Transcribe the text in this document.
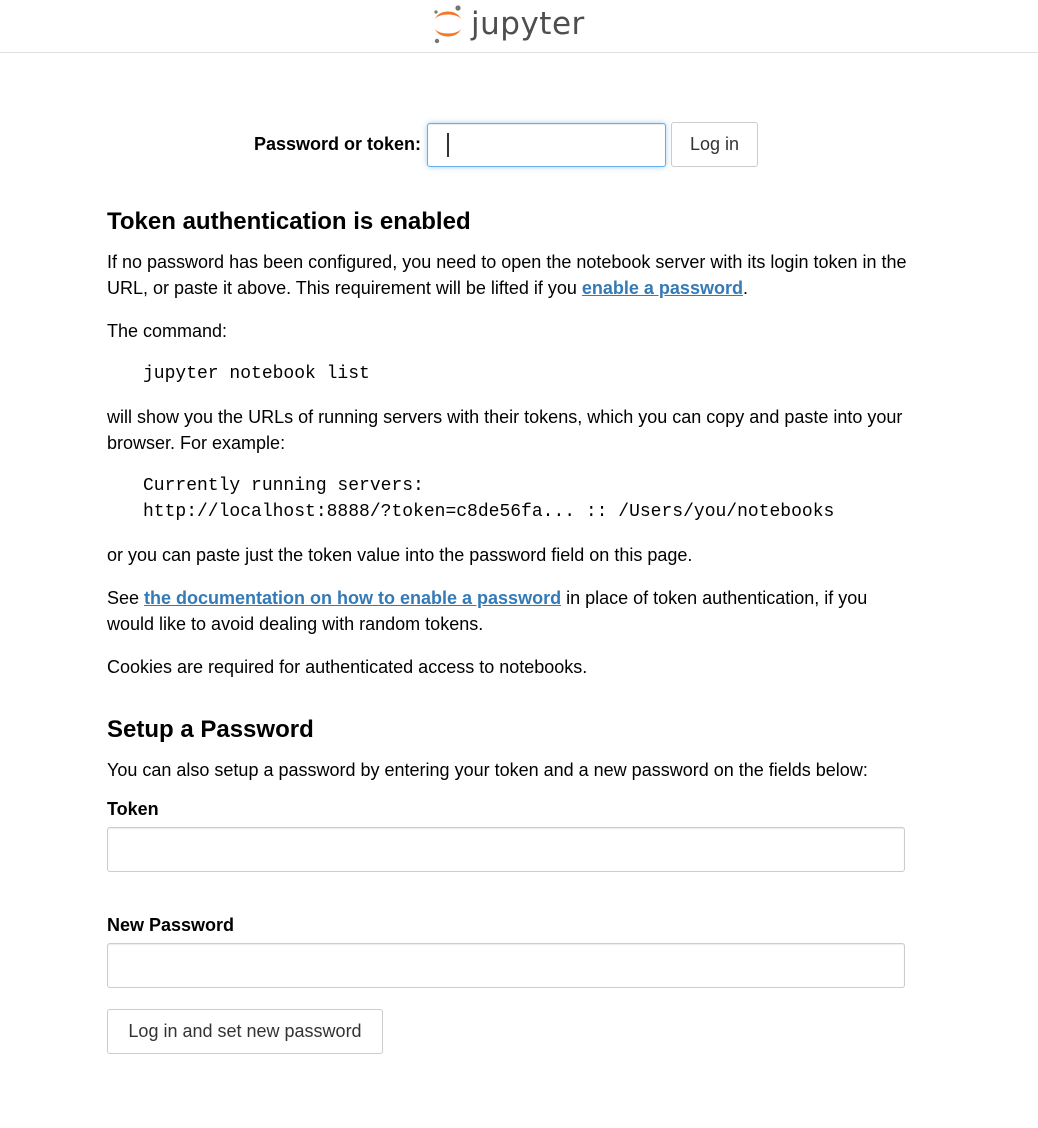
jupyter
Password or token:	Log in
Token authentication is enabled

If no password has been configured, you need to open the notebook server with its login token in the URL, or paste it above. This requirement will be lifted if you enable a password.

The command:

jupyter notebook list

will show you the URLs of running servers with their tokens, which you can copy and paste into your browser. For example:

Currently running servers:
http://localhost:8888/?token=c8de56fa... :: /Users/you/notebooks

or you can paste just the token value into the password field on this page.

See the documentation on how to enable a password in place of token authentication, if you would like to avoid dealing with random tokens.

Cookies are required for authenticated access to notebooks.

Setup a Password

You can also setup a password by entering your token and a new password on the fields below:

Token
New Password
Log in and set new password
